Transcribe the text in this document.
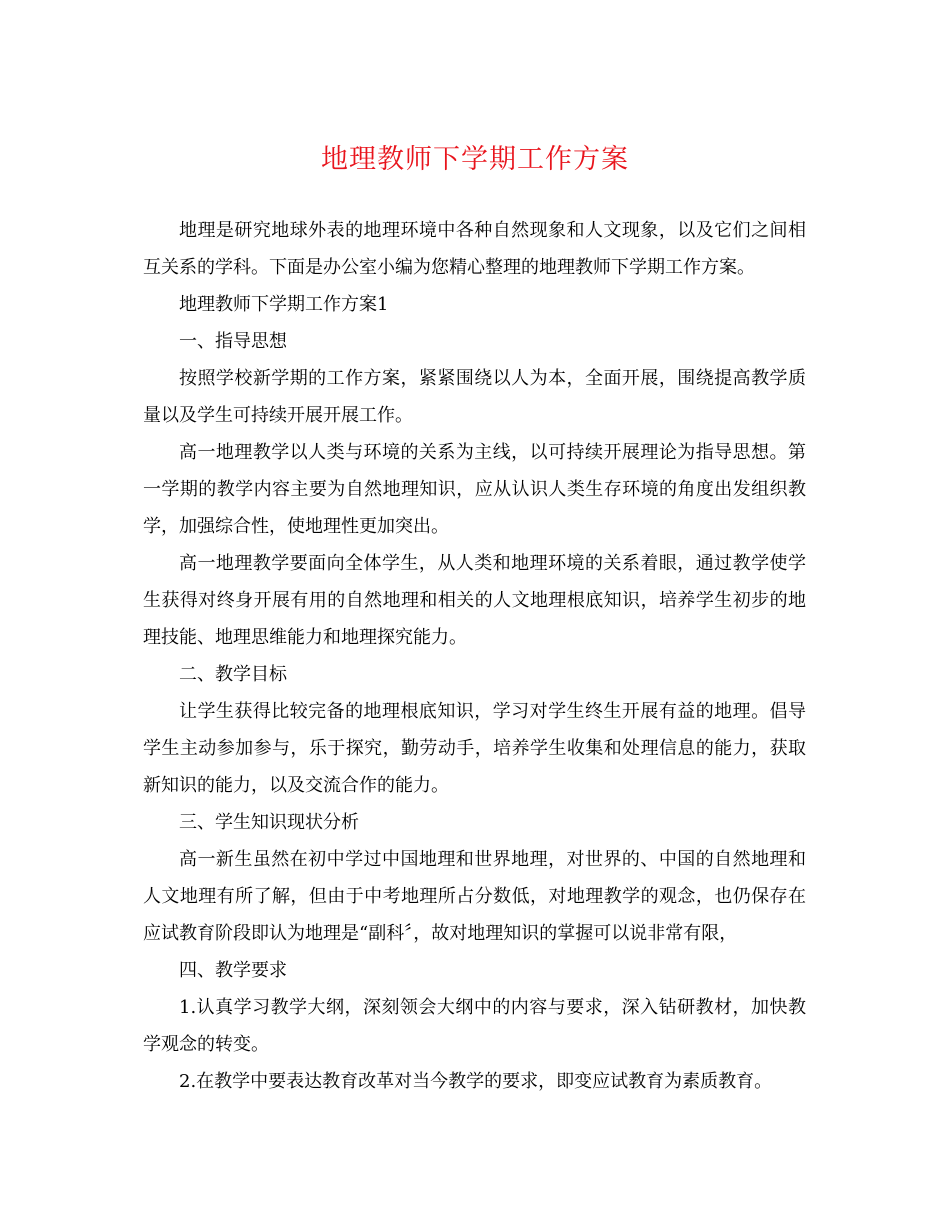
地理教师下学期工作方案

地理是研究地球外表的地理环境中各种自然现象和人文现象，以及它们之间相互关系的学科。下面是办公室小编为您精心整理的地理教师下学期工作方案。

地理教师下学期工作方案1

一、指导思想

按照学校新学期的工作方案，紧紧围绕以人为本，全面开展，围绕提高教学质量以及学生可持续开展开展工作。

高一地理教学以人类与环境的关系为主线，以可持续开展理论为指导思想。第一学期的教学内容主要为自然地理知识，应从认识人类生存环境的角度出发组织教学，加强综合性，使地理性更加突出。

高一地理教学要面向全体学生，从人类和地理环境的关系着眼，通过教学使学生获得对终身开展有用的自然地理和相关的人文地理根底知识，培养学生初步的地理技能、地理思维能力和地理探究能力。

二、教学目标

让学生获得比较完备的地理根底知识，学习对学生终生开展有益的地理。倡导学生主动参加参与，乐于探究，勤劳动手，培养学生收集和处理信息的能力，获取新知识的能力，以及交流合作的能力。

三、学生知识现状分析

高一新生虽然在初中学过中国地理和世界地理，对世界的、中国的自然地理和人文地理有所了解，但由于中考地理所占分数低，对地理教学的观念，也仍保存在应试教育阶段即认为地理是“副科〞，故对地理知识的掌握可以说非常有限，

四、教学要求

1.认真学习教学大纲，深刻领会大纲中的内容与要求，深入钻研教材，加快教学观念的转变。

2.在教学中要表达教育改革对当今教学的要求，即变应试教育为素质教育。
